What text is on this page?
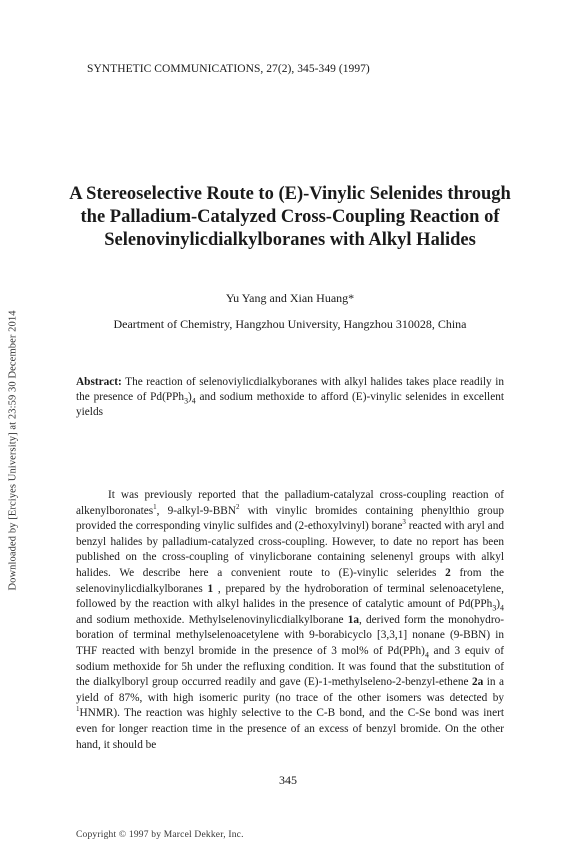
Downloaded by [Erciyes University] at 23:59 30 December 2014
SYNTHETIC COMMUNICATIONS, 27(2), 345-349 (1997)
A Stereoselective Route to (E)-Vinylic Selenides through
the Palladium-Catalyzed Cross-Coupling Reaction of
Selenovinylicdialkylboranes with Alkyl Halides
Yu Yang and Xian Huang*
Deartment of Chemistry, Hangzhou University, Hangzhou 310028, China
Abstract: The reaction of selenoviylicdialkyboranes with alkyl halides takes place readily in the presence of $Pd(PPh_3)_4$ and sodium methoxide to afford (E)-vinylic selenides in excellent yields

It was previously reported that the palladium-catalyzal cross-coupling reaction of alkenylboronates$^1$, 9-alkyl-9-BBN$^2$ with vinylic bromides containing phenylthio group provided the corresponding vinylic sulfides and (2-ethoxylvinyl) borane$^3$ reacted with aryl and benzyl halides by palladium-catalyzed cross-coupling. However, to date no report has been published on the cross-coupling of vinylicborane containing selenenyl groups with alkyl halides. We describe here a convenient route to (E)-vinylic selerides 2 from the selenovinylicdialkylboranes 1 , prepared by the hydroboration of terminal selenoacetylene, followed by the reaction with alkyl halides in the presence of catalytic amount of $Pd(PPh_3)_4$ and sodium methoxide. Methylselenovinylicdialkylborane 1a, derived form the monohydro-boration of terminal methylselenoacetylene with 9-borabicyclo [3,3,1] nonane (9-BBN) in THF reacted with benzyl bromide in the presence of 3 mol% of $Pd(PPh)_4$ and 3 equiv of sodium methoxide for 5h under the refluxing condition. It was found that the substitution of the dialkylboryl group occurred readily and gave (E)-1-methylseleno-2-benzyl-ethene 2a in a yield of 87%, with high isomeric purity (no trace of the other isomers was detected by $^1$HNMR). The reaction was highly selective to the C-B bond, and the C-Se bond was inert even for longer reaction time in the presence of an excess of benzyl bromide. On the other hand, it should be

345
Copyright © 1997 by Marcel Dekker, Inc.
